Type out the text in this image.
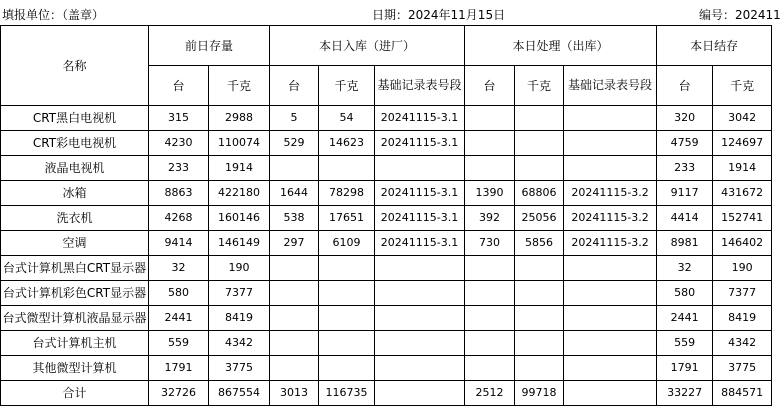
填报单位：（盖章）	日期：2024年11月15日	编号：202411
名称	前日存量		本日入库（进厂）			本日处理（出库）			本日结存	
	台	千克	台	千克	基础记录表号段	台	千克	基础记录表号段	台	千克
CRT黑白电视机	315	2988	5	54	20241115-3.1				320	3042
CRT彩电电视机	4230	110074	529	14623	20241115-3.1				4759	124697
液晶电视机	233	1914							233	1914
冰箱	8863	422180	1644	78298	20241115-3.1	1390	68806	20241115-3.2	9117	431672
洗衣机	4268	160146	538	17651	20241115-3.1	392	25056	20241115-3.2	4414	152741
空调	9414	146149	297	6109	20241115-3.1	730	5856	20241115-3.2	8981	146402
台式计算机黑白CRT显示器	32	190							32	190
台式计算机彩色CRT显示器	580	7377							580	7377
台式微型计算机液晶显示器	2441	8419							2441	8419
台式计算机主机	559	4342							559	4342
其他微型计算机	1791	3775							1791	3775
合计	32726	867554	3013	116735		2512	99718		33227	884571
